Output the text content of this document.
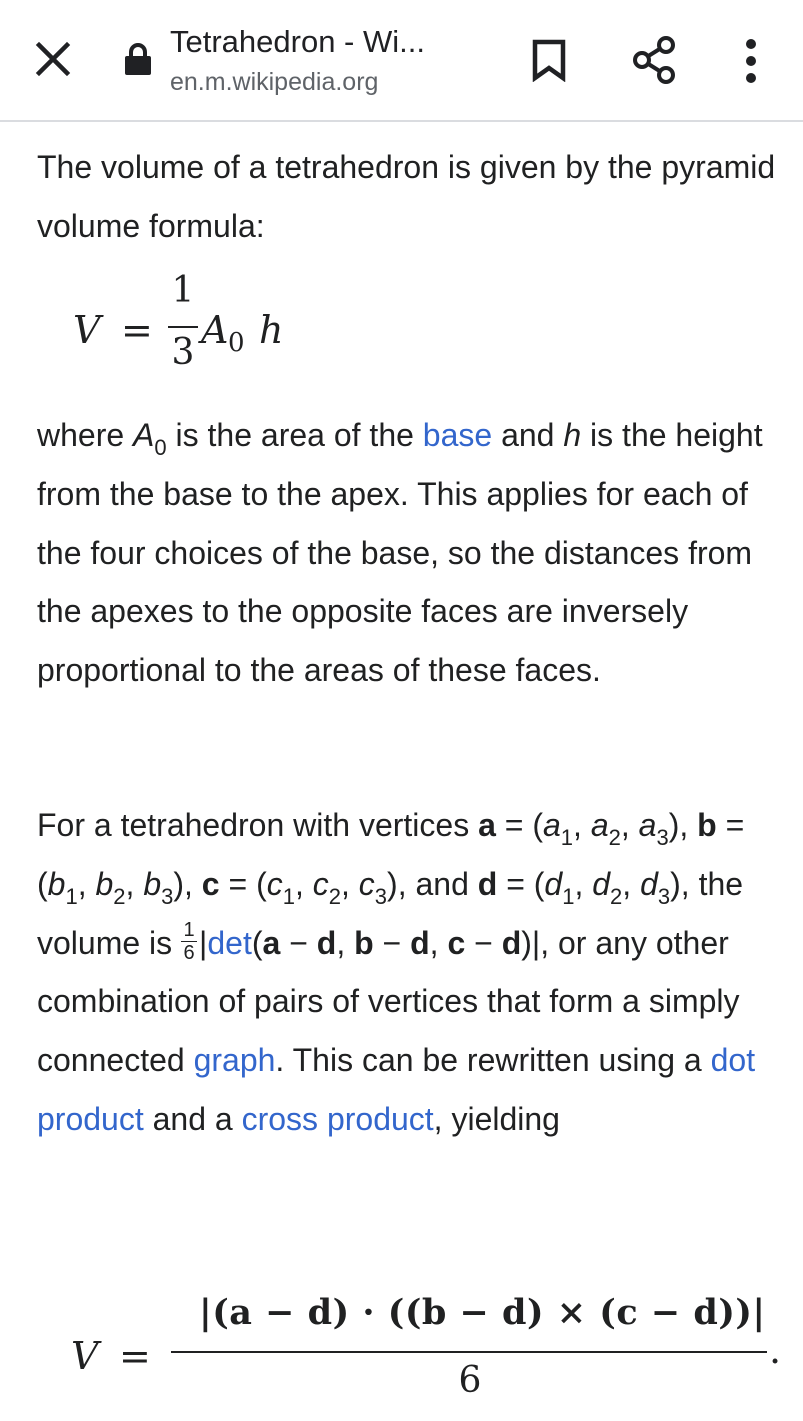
Tetrahedron - Wi...
en.m.wikipedia.org

The volume of a tetrahedron is given by the pyramid volume formula:

V =
1
3
A 0 h

where $A_0$ is the area of the base and h is the height from the base to the apex. This applies for each of the four choices of the base, so the distances from the apexes to the opposite faces are inversely proportional to the areas of these faces.

For a tetrahedron with vertices $a = (a_1$, $a_2$, $a_3$), $b = (b_1$, $b_2$, $b_3$), $c = (c_1$, $c_2$, $c_3$), and $d = (d_1$, $d_2$, $d_3$), the volume is $\frac{1}{6} |\det(a - d$, b − d, c − d)|, or any other combination of pairs of vertices that form a simply connected graph. This can be rewritten using a dot product and a cross product, yielding

V =
|(a − d) · ((b − d) × (c − d))|
6
.
